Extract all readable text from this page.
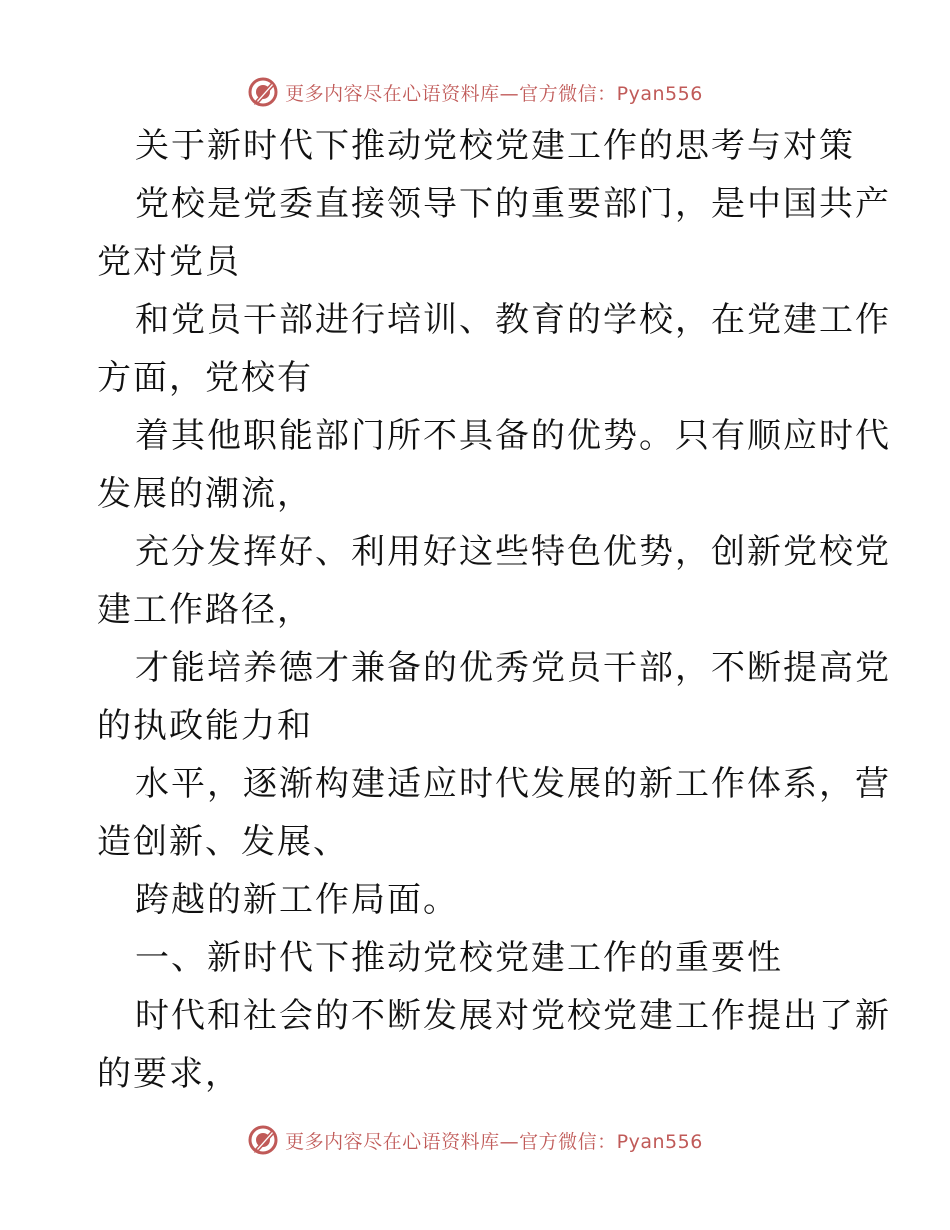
更多内容尽在心语资料库—官方微信：Pyan556
关于新时代下推动党校党建工作的思考与对策
党校是党委直接领导下的重要部门，是中国共产
党对党员
和党员干部进行培训、教育的学校，在党建工作
方面，党校有
着其他职能部门所不具备的优势。只有顺应时代
发展的潮流，
充分发挥好、利用好这些特色优势，创新党校党
建工作路径，
才能培养德才兼备的优秀党员干部，不断提高党
的执政能力和
水平，逐渐构建适应时代发展的新工作体系，营
造创新、发展、
跨越的新工作局面。
一、新时代下推动党校党建工作的重要性
时代和社会的不断发展对党校党建工作提出了新
的要求，
更多内容尽在心语资料库—官方微信：Pyan556
